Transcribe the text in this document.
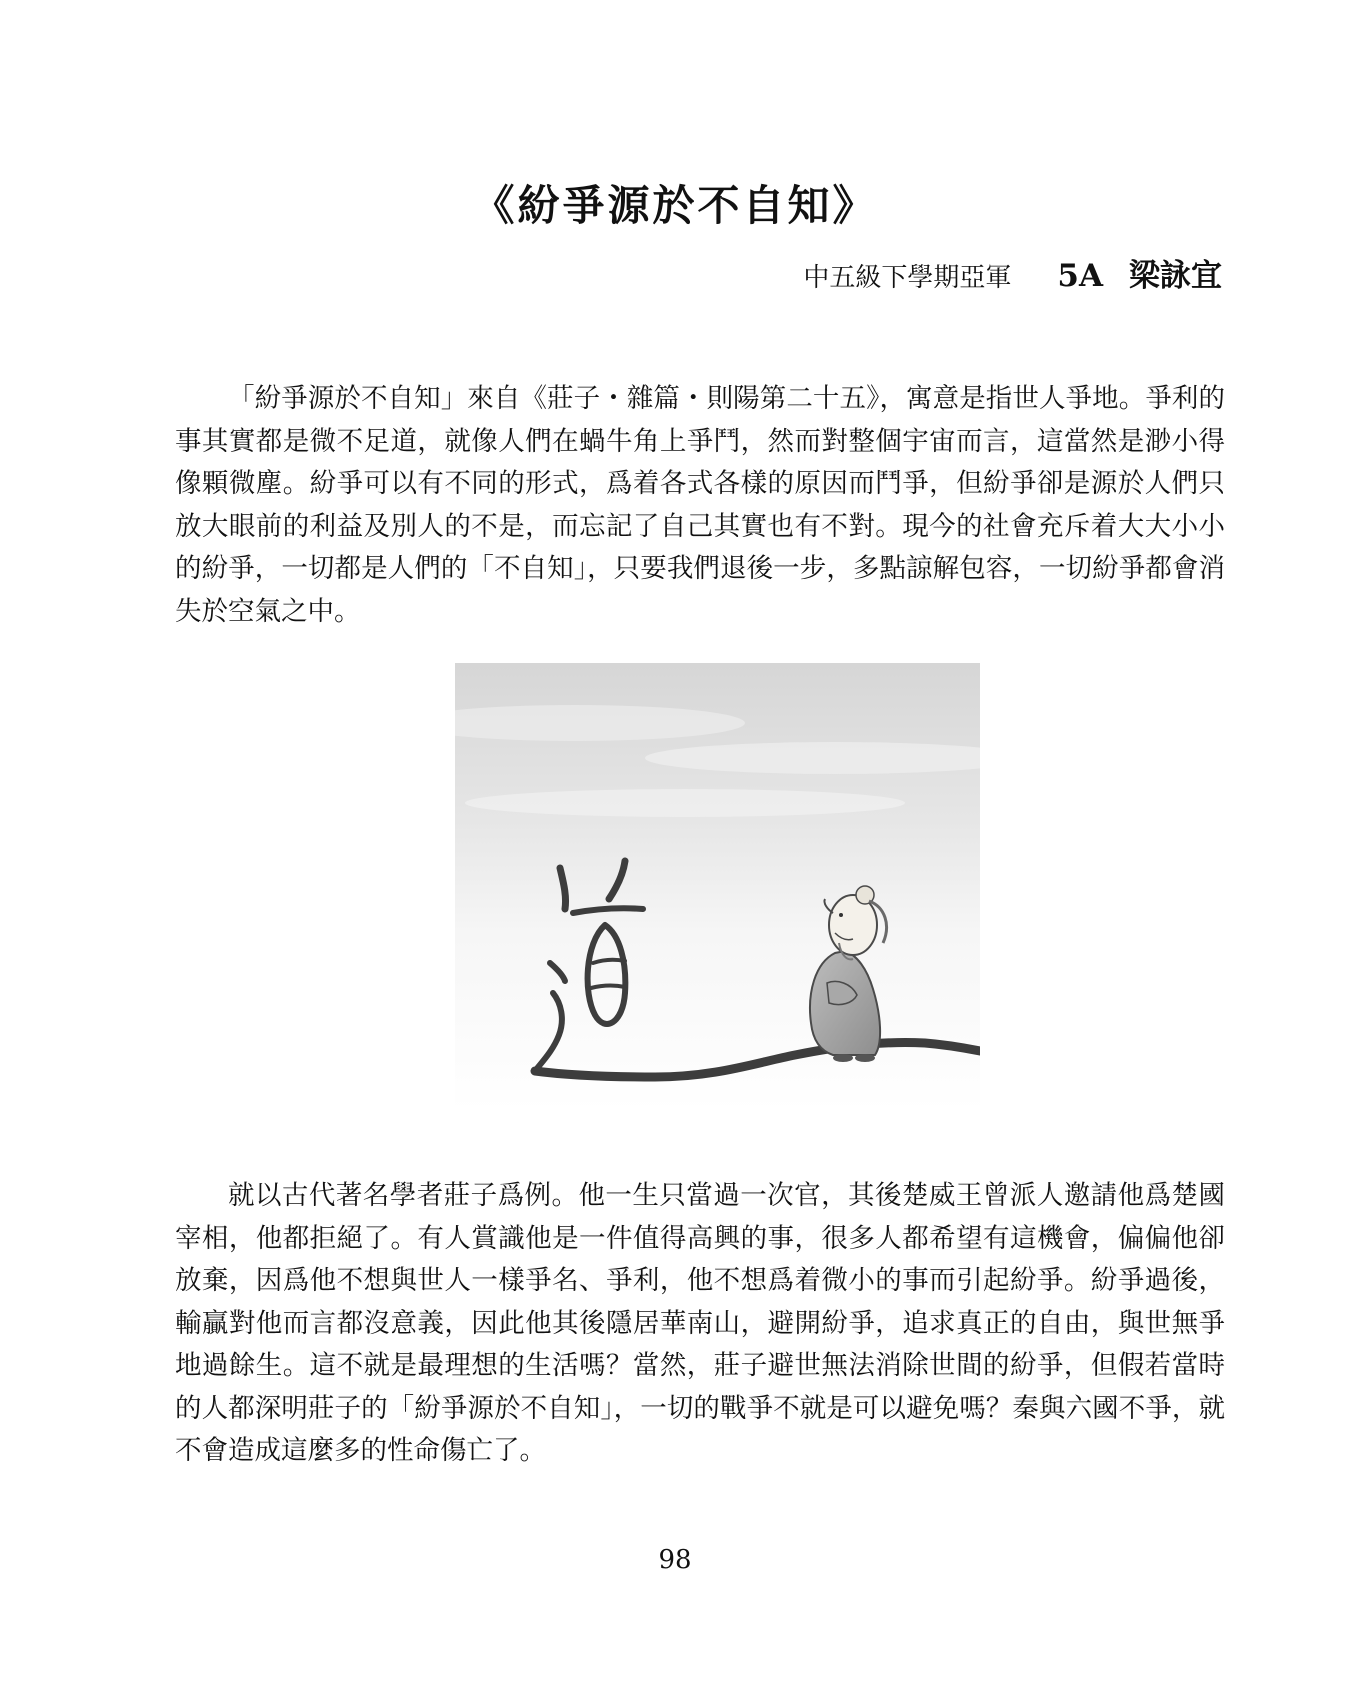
《紛爭源於不自知》
中五級下學期亞軍 5A 梁詠宜

「紛爭源於不自知」來自《莊子・雜篇・則陽第二十五》，寓意是指世人爭地。爭利的事其實都是微不足道，就像人們在蝸牛角上爭鬥，然而對整個宇宙而言，這當然是渺小得像顆微塵。紛爭可以有不同的形式，爲着各式各樣的原因而鬥爭，但紛爭卻是源於人們只放大眼前的利益及別人的不是，而忘記了自己其實也有不對。現今的社會充斥着大大小小的紛爭，一切都是人們的「不自知」，只要我們退後一步，多點諒解包容，一切紛爭都會消失於空氣之中。

就以古代著名學者莊子爲例。他一生只當過一次官，其後楚威王曾派人邀請他爲楚國宰相，他都拒絕了。有人賞識他是一件值得高興的事，很多人都希望有這機會，偏偏他卻放棄，因爲他不想與世人一樣爭名、爭利，他不想爲着微小的事而引起紛爭。紛爭過後，輸贏對他而言都沒意義，因此他其後隱居華南山，避開紛爭，追求真正的自由，與世無爭地過餘生。這不就是最理想的生活嗎？當然，莊子避世無法消除世間的紛爭，但假若當時的人都深明莊子的「紛爭源於不自知」，一切的戰爭不就是可以避免嗎？秦與六國不爭，就不會造成這麼多的性命傷亡了。

98
